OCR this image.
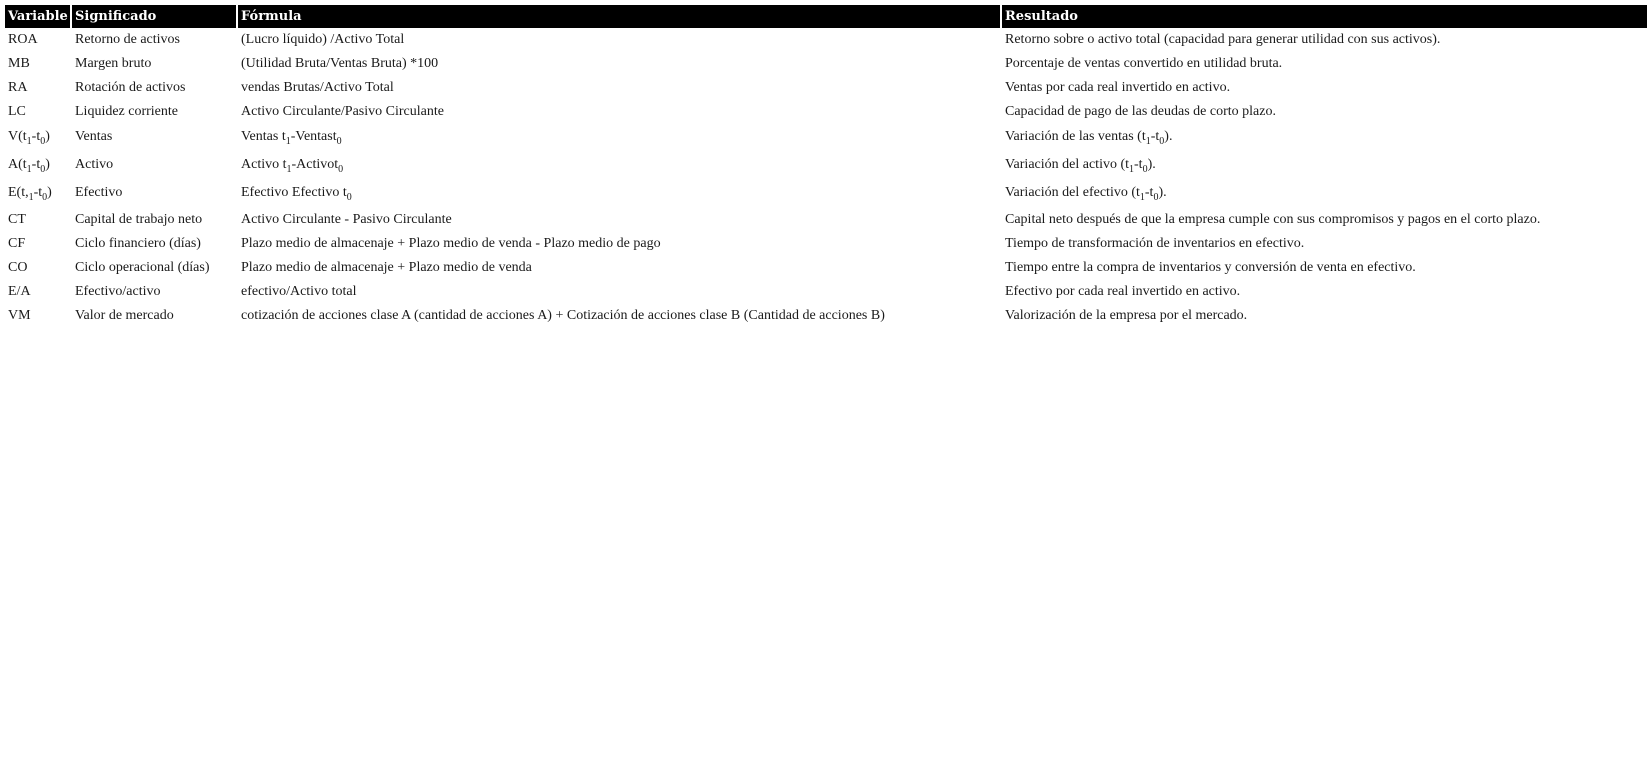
Variable	Significado	Fórmula	Resultado
ROA	Retorno de activos	(Lucro líquido) /Activo Total	Retorno sobre o activo total (capacidad para generar utilidad con sus activos).
MB	Margen bruto	(Utilidad Bruta/Ventas Bruta) *100	Porcentaje de ventas convertido en utilidad bruta.
RA	Rotación de activos	vendas Brutas/Activo Total	Ventas por cada real invertido en activo.
LC	Liquidez corriente	Activo Circulante/Pasivo Circulante	Capacidad de pago de las deudas de corto plazo.
$V(t_1-t_0)$	Ventas	Ventas $t_1-Ventast_0$	Variación de las ventas $(t_1-t_0)$.
$A(t_1-t_0)$	Activo	Activo $t_1-Activot_0$	Variación del activo $(t_1-t_0)$.
$E(t,_1-t_0)$	Efectivo	Efectivo Efectivo $t_0$	Variación del efectivo $(t_1-t_0)$.
CT	Capital de trabajo neto	Activo Circulante - Pasivo Circulante	Capital neto después de que la empresa cumple con sus compromisos y pagos en el corto plazo.
CF	Ciclo financiero (días)	Plazo medio de almacenaje + Plazo medio de venda - Plazo medio de pago	Tiempo de transformación de inventarios en efectivo.
CO	Ciclo operacional (días)	Plazo medio de almacenaje + Plazo medio de venda	Tiempo entre la compra de inventarios y conversión de venta en efectivo.
E/A	Efectivo/activo	efectivo/Activo total	Efectivo por cada real invertido en activo.
VM	Valor de mercado	cotización de acciones clase A (cantidad de acciones A) + Cotización de acciones clase B (Cantidad de acciones B)	Valorización de la empresa por el mercado.
